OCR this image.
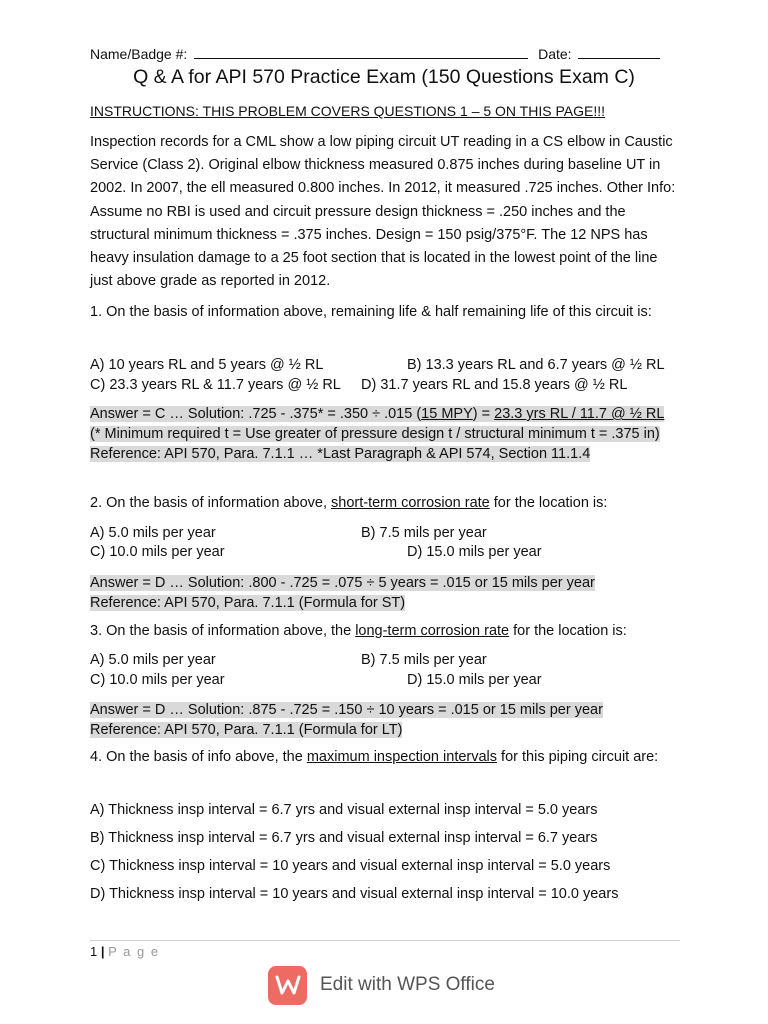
Name/Badge #:	Date:
Q & A for API 570 Practice Exam (150 Questions Exam C)
INSTRUCTIONS: THIS PROBLEM COVERS QUESTIONS 1 – 5 ON THIS PAGE!!!

Inspection records for a CML show a low piping circuit UT reading in a CS elbow in Caustic Service (Class 2). Original elbow thickness measured 0.875 inches during baseline UT in 2002. In 2007, the ell measured 0.800 inches. In 2012, it measured .725 inches. Other Info: Assume no RBI is used and circuit pressure design thickness = .250 inches and the structural minimum thickness = .375 inches. Design = 150 psig/375°F. The 12 NPS has heavy insulation damage to a 25 foot section that is located in the lowest point of the line just above grade as reported in 2012.

1. On the basis of information above, remaining life & half remaining life of this circuit is:

A) 10 years RL and 5 years @ ½ RL	B) 13.3 years RL and 6.7 years @ ½ RL
C) 23.3 years RL & 11.7 years @ ½ RL D) 31.7 years RL and 15.8 years @ ½ RL
Answer = C … Solution: .725 - .375* = .350 ÷ .015 (15 MPY) = 23.3 yrs RL / 11.7 @ ½ RL
(* Minimum required t = Use greater of pressure design t / structural minimum t = .375 in)
Reference: API 570, Para. 7.1.1 … *Last Paragraph & API 574, Section 11.1.4

2. On the basis of information above, short-term corrosion rate for the location is:

A) 5.0 mils per year	B) 7.5 mils per year
C) 10.0 mils per year	D) 15.0 mils per year
Answer = D … Solution: .800 - .725 = .075 ÷ 5 years = .015 or 15 mils per year
Reference: API 570, Para. 7.1.1 (Formula for ST)

3. On the basis of information above, the long-term corrosion rate for the location is:

A) 5.0 mils per year	B) 7.5 mils per year
C) 10.0 mils per year	D) 15.0 mils per year
Answer = D … Solution: .875 - .725 = .150 ÷ 10 years = .015 or 15 mils per year
Reference: API 570, Para. 7.1.1 (Formula for LT)

4. On the basis of info above, the maximum inspection intervals for this piping circuit are:

A) Thickness insp interval = 6.7 yrs and visual external insp interval = 5.0 years
B) Thickness insp interval = 6.7 yrs and visual external insp interval = 6.7 years
C) Thickness insp interval = 10 years and visual external insp interval = 5.0 years
D) Thickness insp interval = 10 years and visual external insp interval = 10.0 years
1 | P a g e
Edit with WPS Office
